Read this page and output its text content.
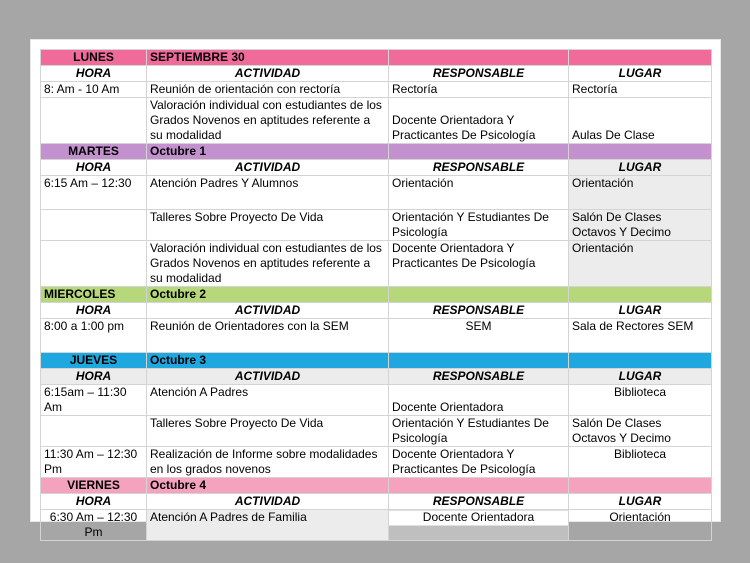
LUNES	SEPTIEMBRE 30		
HORA	ACTIVIDAD	RESPONSABLE	LUGAR
8: Am - 10 Am	Reunión de orientación con rectoría	Rectoría	Rectoría
	Valoración individual con estudiantes de los Grados Novenos en aptitudes referente a su modalidad	Docente Orientadora Y Practicantes De Psicología	Aulas De Clase
MARTES	Octubre 1		
HORA	ACTIVIDAD	RESPONSABLE	LUGAR
6:15 Am – 12:30	Atención Padres Y Alumnos	Orientación	Orientación
	Talleres Sobre Proyecto De Vida	Orientación Y Estudiantes De Psicología	Salón De Clases Octavos Y Decimo
	Valoración individual con estudiantes de los Grados Novenos en aptitudes referente a su modalidad	Docente Orientadora Y Practicantes De Psicología	Orientación
MIERCOLES	Octubre 2		
HORA	ACTIVIDAD	RESPONSABLE	LUGAR
8:00 a 1:00 pm	Reunión de Orientadores con la SEM	SEM	Sala de Rectores SEM
JUEVES	Octubre 3		
HORA	ACTIVIDAD	RESPONSABLE	LUGAR
6:15am – 11:30 Am	Atención A Padres	Docente Orientadora	Biblioteca
	Talleres Sobre Proyecto De Vida	Orientación Y Estudiantes De Psicología	Salón De Clases Octavos Y Decimo
11:30 Am – 12:30 Pm	Realización de Informe sobre modalidades en los grados novenos	Docente Orientadora Y Practicantes De Psicología	Biblioteca
VIERNES	Octubre 4		
HORA	ACTIVIDAD	RESPONSABLE	LUGAR
6:30 Am – 12:30 Pm	Atención A Padres de Familia	Docente Orientadora	Orientación
